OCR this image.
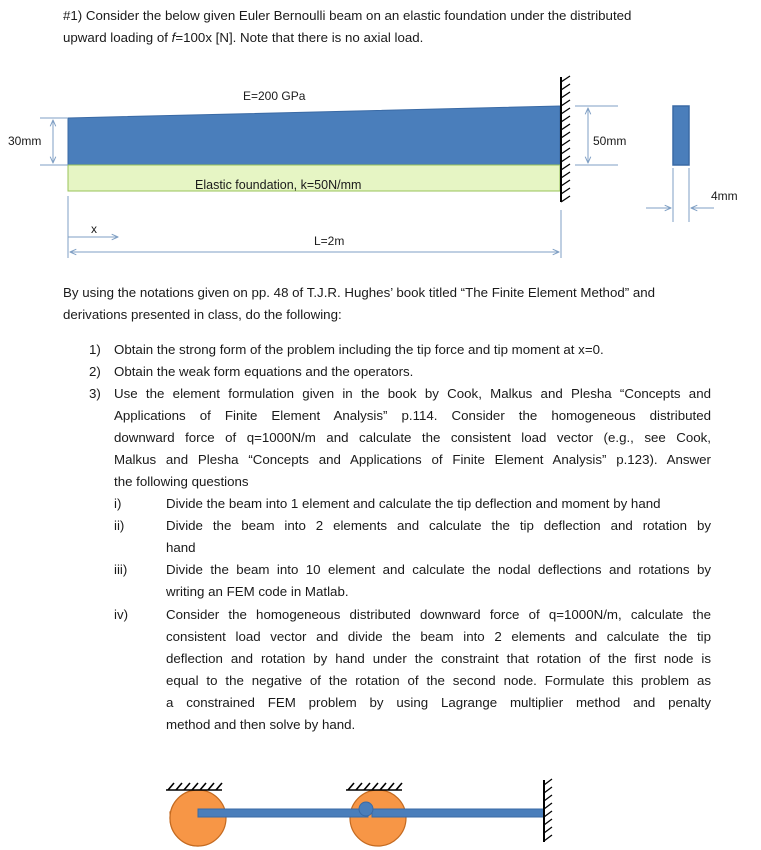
#1) Consider the below given Euler Bernoulli beam on an elastic foundation under the distributed
upward loading of f=100x [N]. Note that there is no axial load.
E=200 GPa
30mm	50mm
Elastic foundation, k=50N/mm
4mm
x
L=2m
By using the notations given on pp. 48 of T.J.R. Hughes’ book titled “The Finite Element Method” and
derivations presented in class, do the following:
1) Obtain the strong form of the problem including the tip force and tip moment at x=0.
2) Obtain the weak form equations and the operators.
3) Use the element formulation given in the book by Cook, Malkus and Plesha “Concepts and
Applications of Finite Element Analysis” p.114. Consider the homogeneous distributed
downward force of q=1000N/m and calculate the consistent load vector (e.g., see Cook,
Malkus and Plesha “Concepts and Applications of Finite Element Analysis” p.123). Answer
the following questions
i)	Divide the beam into 1 element and calculate the tip deflection and moment by hand
ii)	Divide the beam into 2 elements and calculate the tip deflection and rotation by
hand
iii)	Divide the beam into 10 element and calculate the nodal deflections and rotations by
writing an FEM code in Matlab.
iv)	Consider the homogeneous distributed downward force of q=1000N/m, calculate the
consistent load vector and divide the beam into 2 elements and calculate the tip
deflection and rotation by hand under the constraint that rotation of the first node is
equal to the negative of the rotation of the second node. Formulate this problem as
a constrained FEM problem by using Lagrange multiplier method and penalty
method and then solve by hand.
